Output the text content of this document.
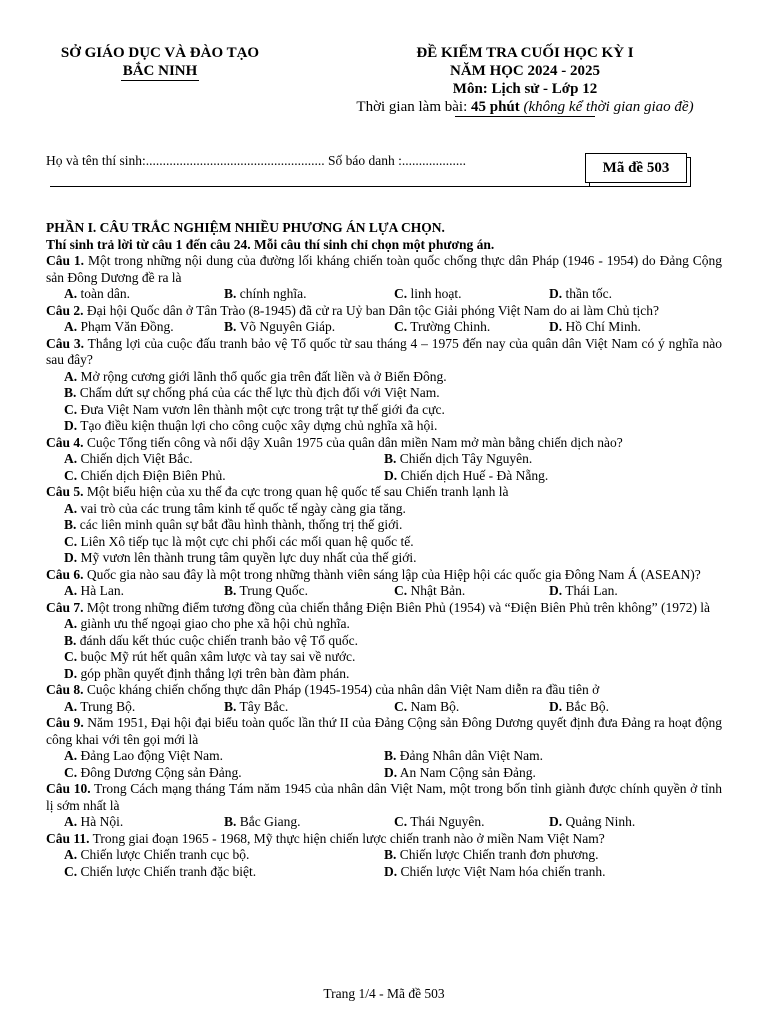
SỞ GIÁO DỤC VÀ ĐÀO TẠO
BẮC NINH
ĐỀ KIỂM TRA CUỐI HỌC KỲ I
NĂM HỌC 2024 - 2025
Môn: Lịch sử - Lớp 12
Thời gian làm bài: 45 phút (không kể thời gian giao đề)
Họ và tên thí sinh:..................................................... Số báo danh :...................	Mã đề 503
PHẦN I. CÂU TRẮC NGHIỆM NHIỀU PHƯƠNG ÁN LỰA CHỌN.
Thí sinh trả lời từ câu 1 đến câu 24. Mỗi câu thí sinh chỉ chọn một phương án.
Câu 1. Một trong những nội dung của đường lối kháng chiến toàn quốc chống thực dân Pháp (1946 - 1954) do Đảng Cộng sản Đông Dương đề ra là
A. toàn dân.	B. chính nghĩa.	C. linh hoạt.	D. thần tốc.
Câu 2. Đại hội Quốc dân ở Tân Trào (8-1945) đã cử ra Uỷ ban Dân tộc Giải phóng Việt Nam do ai làm Chủ tịch?
A. Phạm Văn Đồng.	B. Võ Nguyên Giáp.	C. Trường Chinh.	D. Hồ Chí Minh.
Câu 3. Thắng lợi của cuộc đấu tranh bảo vệ Tổ quốc từ sau tháng 4 – 1975 đến nay của quân dân Việt Nam có ý nghĩa nào sau đây?
A. Mở rộng cương giới lãnh thổ quốc gia trên đất liền và ở Biển Đông.
B. Chấm dứt sự chống phá của các thế lực thù địch đối với Việt Nam.
C. Đưa Việt Nam vươn lên thành một cực trong trật tự thế giới đa cực.
D. Tạo điều kiện thuận lợi cho công cuộc xây dựng chủ nghĩa xã hội.
Câu 4. Cuộc Tổng tiến công và nổi dậy Xuân 1975 của quân dân miền Nam mở màn bằng chiến dịch nào?
A. Chiến dịch Việt Bắc.	B. Chiến dịch Tây Nguyên.
C. Chiến dịch Điện Biên Phủ.	D. Chiến dịch Huế - Đà Nẵng.
Câu 5. Một biểu hiện của xu thế đa cực trong quan hệ quốc tế sau Chiến tranh lạnh là
A. vai trò của các trung tâm kinh tế quốc tế ngày càng gia tăng.
B. các liên minh quân sự bắt đầu hình thành, thống trị thế giới.
C. Liên Xô tiếp tục là một cực chi phối các mối quan hệ quốc tế.
D. Mỹ vươn lên thành trung tâm quyền lực duy nhất của thế giới.
Câu 6. Quốc gia nào sau đây là một trong những thành viên sáng lập của Hiệp hội các quốc gia Đông Nam Á (ASEAN)?
A. Hà Lan.	B. Trung Quốc.	C. Nhật Bản.	D. Thái Lan.
Câu 7. Một trong những điểm tương đồng của chiến thắng Điện Biên Phủ (1954) và “Điện Biên Phủ trên không” (1972) là
A. giành ưu thế ngoại giao cho phe xã hội chủ nghĩa.
B. đánh dấu kết thúc cuộc chiến tranh bảo vệ Tổ quốc.
C. buộc Mỹ rút hết quân xâm lược và tay sai về nước.
D. góp phần quyết định thắng lợi trên bàn đàm phán.
Câu 8. Cuộc kháng chiến chống thực dân Pháp (1945-1954) của nhân dân Việt Nam diễn ra đầu tiên ở
A. Trung Bộ.	B. Tây Bắc.	C. Nam Bộ.	D. Bắc Bộ.
Câu 9. Năm 1951, Đại hội đại biểu toàn quốc lần thứ II của Đảng Cộng sản Đông Dương quyết định đưa Đảng ra hoạt động công khai với tên gọi mới là
A. Đảng Lao động Việt Nam.	B. Đảng Nhân dân Việt Nam.
C. Đông Dương Cộng sản Đảng.	D. An Nam Cộng sản Đảng.
Câu 10. Trong Cách mạng tháng Tám năm 1945 của nhân dân Việt Nam, một trong bốn tỉnh giành được chính quyền ở tỉnh lị sớm nhất là
A. Hà Nội.	B. Bắc Giang.	C. Thái Nguyên.	D. Quảng Ninh.
Câu 11. Trong giai đoạn 1965 - 1968, Mỹ thực hiện chiến lược chiến tranh nào ở miền Nam Việt Nam?
A. Chiến lược Chiến tranh cục bộ.	B. Chiến lược Chiến tranh đơn phương.
C. Chiến lược Chiến tranh đặc biệt.	D. Chiến lược Việt Nam hóa chiến tranh.
Trang 1/4 - Mã đề 503
